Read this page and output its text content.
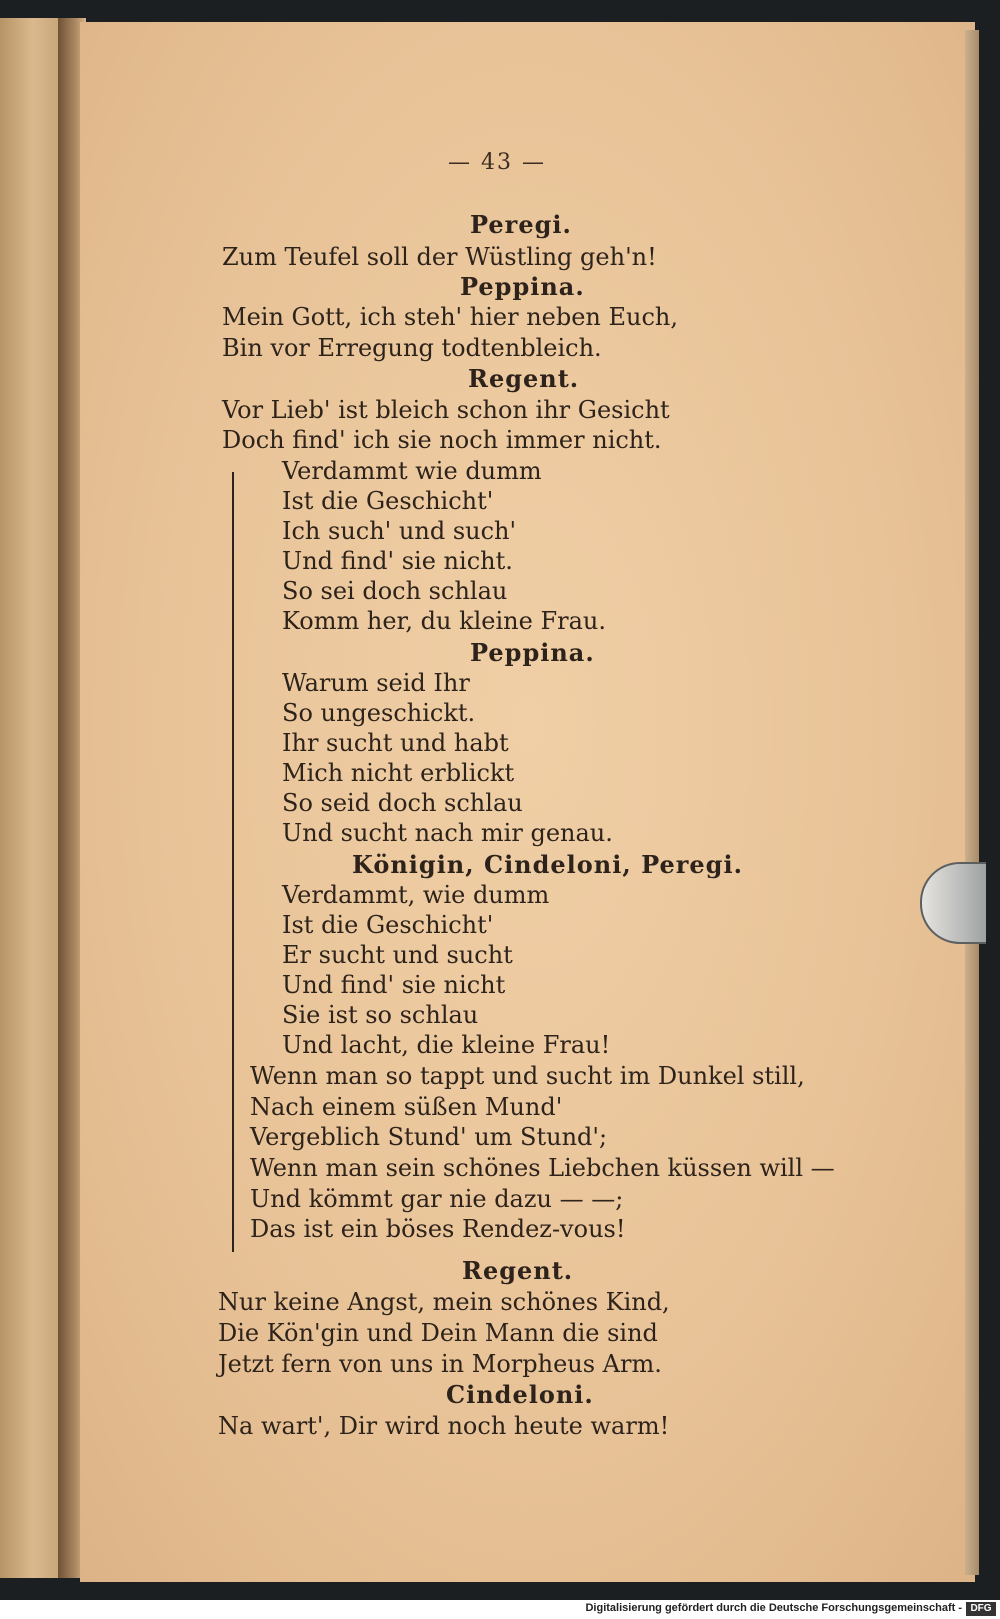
— 43 —
Peregi.
Zum Teufel soll der Wüstling geh'n!
Peppina.
Mein Gott, ich steh' hier neben Euch,
Bin vor Erregung todtenbleich.
Regent.
Vor Lieb' ist bleich schon ihr Gesicht
Doch find' ich sie noch immer nicht.
Verdammt wie dumm
Ist die Geschicht'
Ich such' und such'
Und find' sie nicht.
So sei doch schlau
Komm her, du kleine Frau.
Peppina.
Warum seid Ihr
So ungeschickt.
Ihr sucht und habt
Mich nicht erblickt
So seid doch schlau
Und sucht nach mir genau.
Königin, Cindeloni, Peregi.
Verdammt, wie dumm
Ist die Geschicht'
Er sucht und sucht
Und find' sie nicht
Sie ist so schlau
Und lacht, die kleine Frau!
Wenn man so tappt und sucht im Dunkel still,
Nach einem süßen Mund'
Vergeblich Stund' um Stund';
Wenn man sein schönes Liebchen küssen will —
Und kömmt gar nie dazu — —;
Das ist ein böses Rendez-vous!
Regent.
Nur keine Angst, mein schönes Kind,
Die Kön'gin und Dein Mann die sind
Jetzt fern von uns in Morpheus Arm.
Cindeloni.
Na wart', Dir wird noch heute warm!
Digitalisierung gefördert durch die Deutsche Forschungsgemeinschaft - DFG
